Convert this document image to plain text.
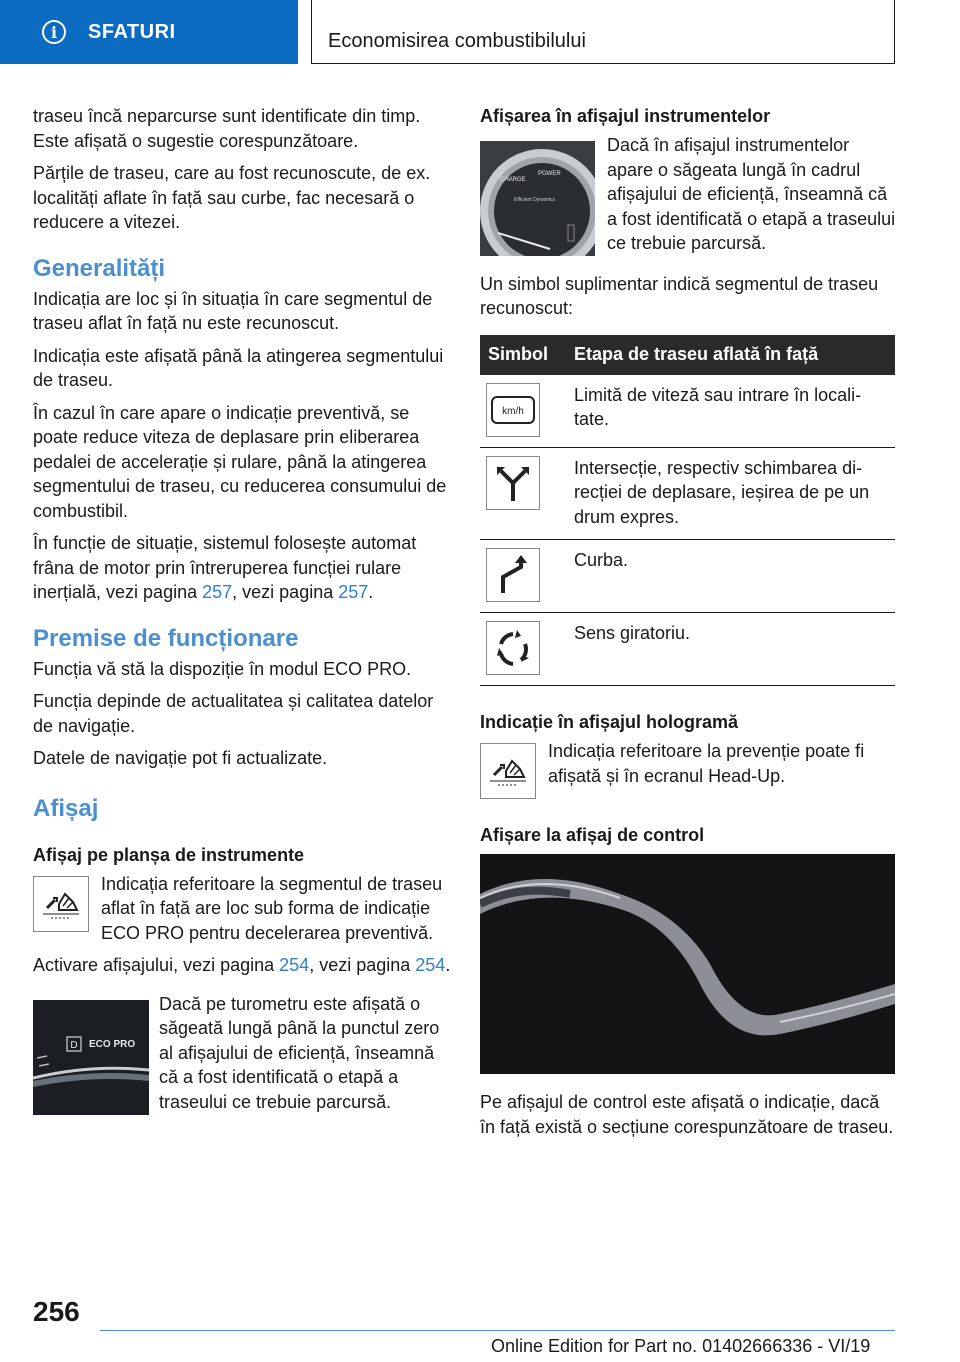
i	SFATURI	Economisirea combustibilului

traseu încă neparcurse sunt identificate din timp. Este afișată o sugestie corespunzătoare.

Părțile de traseu, care au fost recunoscute, de ex. localități aflate în față sau curbe, fac necesară o reducere a vitezei.

Generalități

Indicația are loc și în situația în care segmentul de traseu aflat în față nu este recunoscut.

Indicația este afișată până la atingerea segmentului de traseu.

În cazul în care apare o indicație preventivă, se poate reduce viteza de deplasare prin eliberarea pedalei de accelerație și rulare, până la atingerea segmentului de traseu, cu reducerea consumului de combustibil.

În funcție de situație, sistemul folosește automat frâna de motor prin întreruperea funcției rulare inerțială, vezi pagina 257, vezi pagina 257.

Premise de funcționare

Funcția vă stă la dispoziție în modul ECO PRO.

Funcția depinde de actualitatea și calitatea datelor de navigație.

Datele de navigație pot fi actualizate.

Afișaj
Afișaj pe planșa de instrumente

Indicația referitoare la segmentul de traseu aflat în față are loc sub forma de indicație ECO PRO pentru decelerarea preventivă.

Activare afișajului, vezi pagina 254, vezi pagina 254.

D ECO PRO

Dacă pe turometru este afișată o săgeată lungă până la punctul zero al afișajului de eficiență, înseamnă că a fost identificată o etapă a traseului ce trebuie parcursă.

Afișarea în afișajul instrumentelor
CHARGE
POWER
Efficient Dynamics

Dacă în afișajul instrumentelor apare o săgeata lungă în cadrul afișajului de eficiență, înseamnă că a fost identificată o etapă a traseului ce trebuie parcursă.

Un simbol suplimentar indică segmentul de traseu recunoscut:

Simbol	Etapa de traseu aflată în față

km/h	Limită de viteză sau intrare în localitate.

	Intersecție, respectiv schimbarea direcției de deplasare, ieșirea de pe un drum expres.

	Curba.

	Sens giratoriu.
Indicație în afișajul hologramă

Indicația referitoare la prevenție poate fi afișată și în ecranul Head-Up.

Afișare la afișaj de control

Pe afișajul de control este afișată o indicație, dacă în față există o secțiune corespunzătoare de traseu.

256
Online Edition for Part no. 01402666336 - VI/19
